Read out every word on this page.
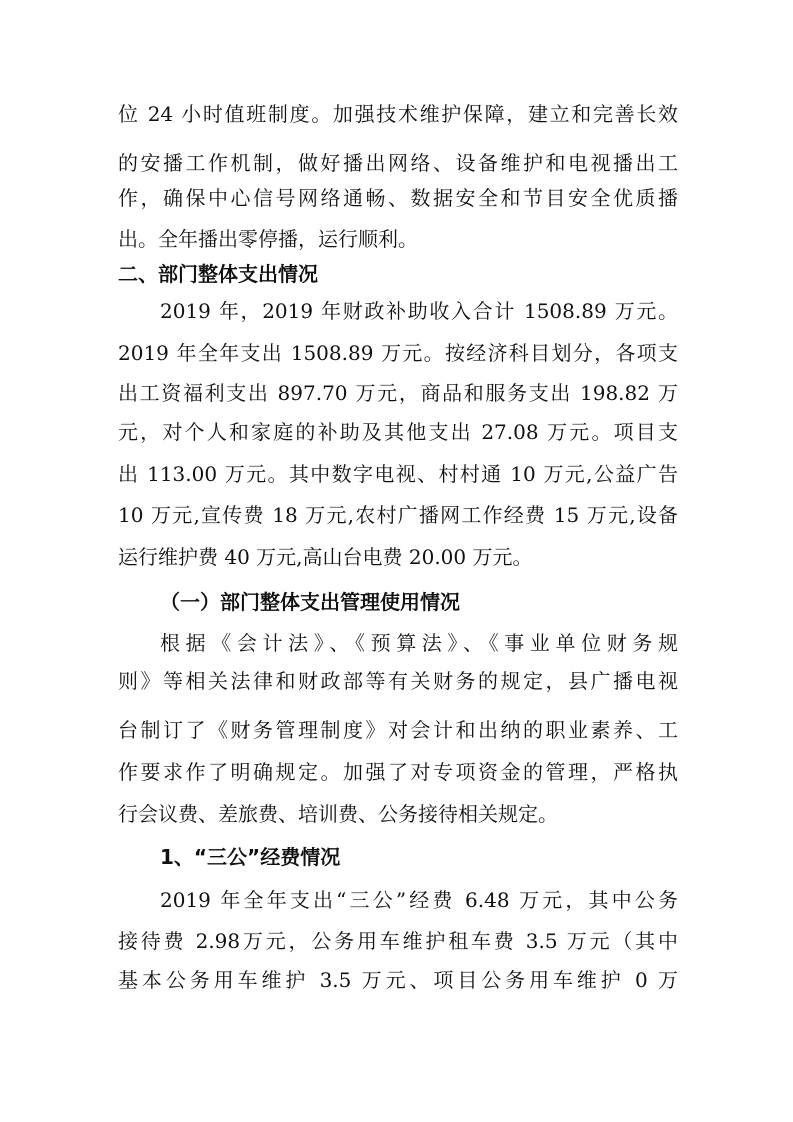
位 24 小时值班制度。加强技术维护保障，建立和完善长效
的安播工作机制，做好播出网络、设备维护和电视播出工
作，确保中心信号网络通畅、数据安全和节目安全优质播
出。全年播出零停播，运行顺利。
二、部门整体支出情况
2019 年，2019 年财政补助收入合计 1508.89 万元。
2019 年全年支出 1508.89 万元。按经济科目划分，各项支
出工资福利支出 897.70 万元，商品和服务支出 198.82 万
元，对个人和家庭的补助及其他支出 27.08 万元。项目支
出 113.00 万元。其中数字电视、村村通 10 万元,公益广告
10 万元,宣传费 18 万元,农村广播网工作经费 15 万元,设备
运行维护费 40 万元,高山台电费 20.00 万元。
（一）部门整体支出管理使用情况
根据《会计法》、《预算法》、《事业单位财务规
则》等相关法律和财政部等有关财务的规定，县广播电视
台制订了《财务管理制度》对会计和出纳的职业素养、工
作要求作了明确规定。加强了对专项资金的管理，严格执
行会议费、差旅费、培训费、公务接待相关规定。
1、“三公”经费情况
2019 年全年支出“三公”经费 6.48 万元，其中公务
接待费 2.98万元，公务用车维护租车费 3.5 万元（其中
基本公务用车维护 3.5 万元、项目公务用车维护 0 万
